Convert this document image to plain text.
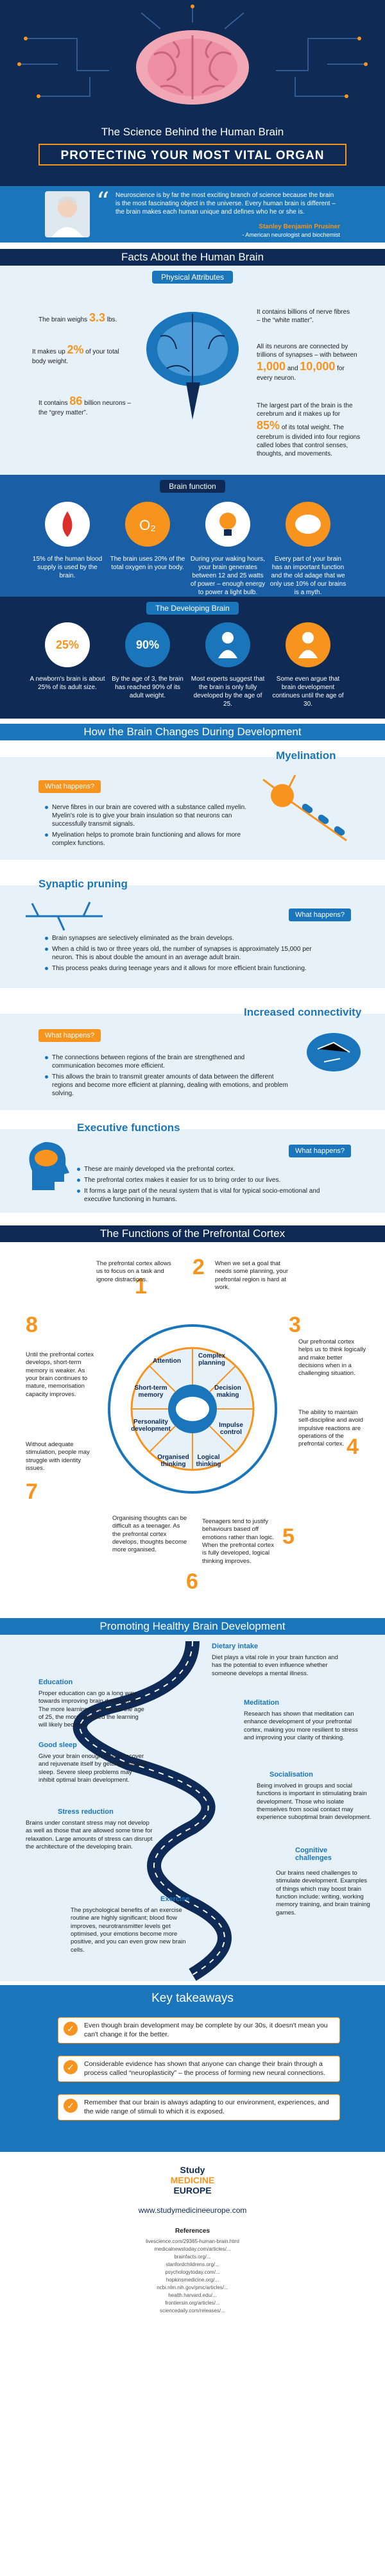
The Science Behind the Human Brain
PROTECTING YOUR MOST VITAL ORGAN
“ Neuroscience is by far the most exciting branch of science because the brain is the most fascinating object in the universe. Every human brain is different – the brain makes each human unique and defines who he or she is.
Stanley Benjamin Prusiner
- American neurologist and biochemist
Facts About the Human Brain
Physical Attributes
The brain weighs 3.3 lbs.
It makes up 2% of your total body weight.
It contains 86 billion neurons – the “grey matter”.
It contains billions of nerve fibres – the “white matter”.
All its neurons are connected by trillions of synapses – with between 1,000 and 10,000 for every neuron.
The largest part of the brain is the cerebrum and it makes up for 85% of its total weight. The cerebrum is divided into four regions called lobes that control senses, thoughts, and movements.
Brain function
O₂
15% of the human blood supply is used by the brain.
The brain uses 20% of the total oxygen in your body.
During your waking hours, your brain generates between 12 and 25 watts of power – enough energy to power a light bulb.
Every part of your brain has an important function and the old adage that we only use 10% of our brains is a myth.
The Developing Brain
25%	90%
A newborn's brain is about 25% of its adult size.
By the age of 3, the brain has reached 90% of its adult weight.
Most experts suggest that the brain is only fully developed by the age of 25.
Some even argue that brain development continues until the age of 30.
How the Brain Changes During Development
Myelination
What happens?
Nerve fibres in our brain are covered with a substance called myelin. Myelin's role is to give your brain insulation so that neurons can successfully transmit signals.
Myelination helps to promote brain functioning and allows for more complex functions.
Synaptic pruning
What happens?
Brain synapses are selectively eliminated as the brain develops.
When a child is two or three years old, the number of synapses is approximately 15,000 per neuron. This is about double the amount in an average adult brain.
This process peaks during teenage years and it allows for more efficient brain functioning.
Increased connectivity
What happens?
The connections between regions of the brain are strengthened and communication becomes more efficient.
This allows the brain to transmit greater amounts of data between the different regions and become more efficient at planning, dealing with emotions, and problem solving.
Executive functions
What happens?
These are mainly developed via the prefrontal cortex.
The prefrontal cortex makes it easier for us to bring order to our lives.
It forms a large part of the neural system that is vital for typical socio-emotional and executive functioning in humans.
The Functions of the Prefrontal Cortex
Attention
Complex planning
Decision making
Impulse control
Logical thinking
Organised thinking
Personality development
Short-term memory
1
The prefrontal cortex allows us to focus on a task and ignore distractions.
2 When we set a goal that needs some planning, your prefrontal region is hard at work.
3
Our prefrontal cortex helps us to think logically and make better decisions when in a challenging situation.
4
The ability to maintain self-discipline and avoid impulsive reactions are operations of the prefrontal cortex.
5
Teenagers tend to justify behaviours based off emotions rather than logic. When the prefrontal cortex is fully developed, logical thinking improves.
6
Organising thoughts can be difficult as a teenager. As the prefrontal cortex develops, thoughts become more organised.
7
Without adequate stimulation, people may struggle with identity issues.
8
Until the prefrontal cortex develops, short-term memory is weaker. As your brain continues to mature, memorisation capacity improves.
Promoting Healthy Brain Development
Dietary intake
Diet plays a vital role in your brain function and has the potential to even influence whether someone develops a mental illness.
Education
Proper education can go a long way towards improving brain development. The more learning done before the age of 25, the more solidified the learning will likely become.
Meditation
Research has shown that meditation can enhance development of your prefrontal cortex, making you more resilient to stress and improving your clarity of thinking.
Good sleep
Give your brain enough time to recover and rejuvenate itself by getting sufficient sleep. Severe sleep problems may inhibit optimal brain development.
Socialisation
Being involved in groups and social functions is important in stimulating brain development. Those who isolate themselves from social contact may experience suboptimal brain development.
Stress reduction
Brains under constant stress may not develop as well as those that are allowed some time for relaxation. Large amounts of stress can disrupt the architecture of the developing brain.	Cognitive challenges
Our brains need challenges to stimulate development. Examples of things which may boost brain function include: writing, working memory training, and brain training games.
Exercise
The psychological benefits of an exercise routine are highly significant; blood flow improves, neurotransmitter levels get optimised, your emotions become more positive, and you can even grow new brain cells.
Key takeaways
✓	Even though brain development may be complete by our 30s, it doesn't mean you can't change it for the better.
✓	Considerable evidence has shown that anyone can change their brain through a process called “neuroplasticity” – the process of forming new neural connections.
✓	Remember that our brain is always adapting to our environment, experiences, and the wide range of stimuli to which it is exposed.
Study
MEDICINE
EUROPE
www.studymedicineeurope.com
References
livescience.com/29365-human-brain.html
medicalnewstoday.com/articles/...
brainfacts.org/...
stanfordchildrens.org/...
psychologytoday.com/...
hopkinsmedicine.org/...
ncbi.nlm.nih.gov/pmc/articles/...
health.harvard.edu/...
frontiersin.org/articles/...
sciencedaily.com/releases/...
